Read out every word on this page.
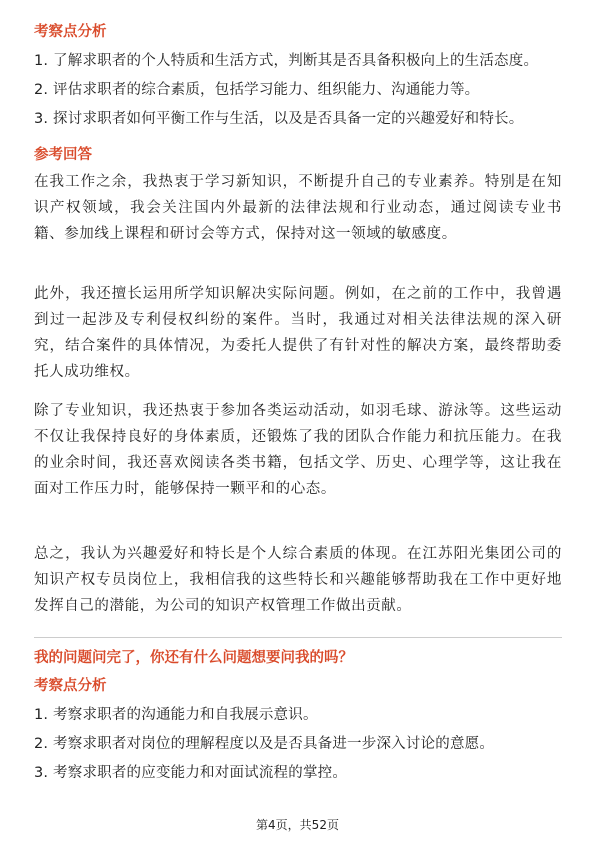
考察点分析
1. 了解求职者的个人特质和生活方式，判断其是否具备积极向上的生活态度。
2. 评估求职者的综合素质，包括学习能力、组织能力、沟通能力等。
3. 探讨求职者如何平衡工作与生活，以及是否具备一定的兴趣爱好和特长。
参考回答
在我工作之余，我热衷于学习新知识，不断提升自己的专业素养。特别是在知识产权领域，我会关注国内外最新的法律法规和行业动态，通过阅读专业书籍、参加线上课程和研讨会等方式，保持对这一领域的敏感度。
此外，我还擅长运用所学知识解决实际问题。例如，在之前的工作中，我曾遇到过一起涉及专利侵权纠纷的案件。当时，我通过对相关法律法规的深入研究，结合案件的具体情况，为委托人提供了有针对性的解决方案，最终帮助委托人成功维权。
除了专业知识，我还热衷于参加各类运动活动，如羽毛球、游泳等。这些运动不仅让我保持良好的身体素质，还锻炼了我的团队合作能力和抗压能力。在我的业余时间，我还喜欢阅读各类书籍，包括文学、历史、心理学等，这让我在面对工作压力时，能够保持一颗平和的心态。
总之，我认为兴趣爱好和特长是个人综合素质的体现。在江苏阳光集团公司的知识产权专员岗位上，我相信我的这些特长和兴趣能够帮助我在工作中更好地发挥自己的潜能，为公司的知识产权管理工作做出贡献。
我的问题问完了，你还有什么问题想要问我的吗？
考察点分析
1. 考察求职者的沟通能力和自我展示意识。
2. 考察求职者对岗位的理解程度以及是否具备进一步深入讨论的意愿。
3. 考察求职者的应变能力和对面试流程的掌控。
第4页，共52页
